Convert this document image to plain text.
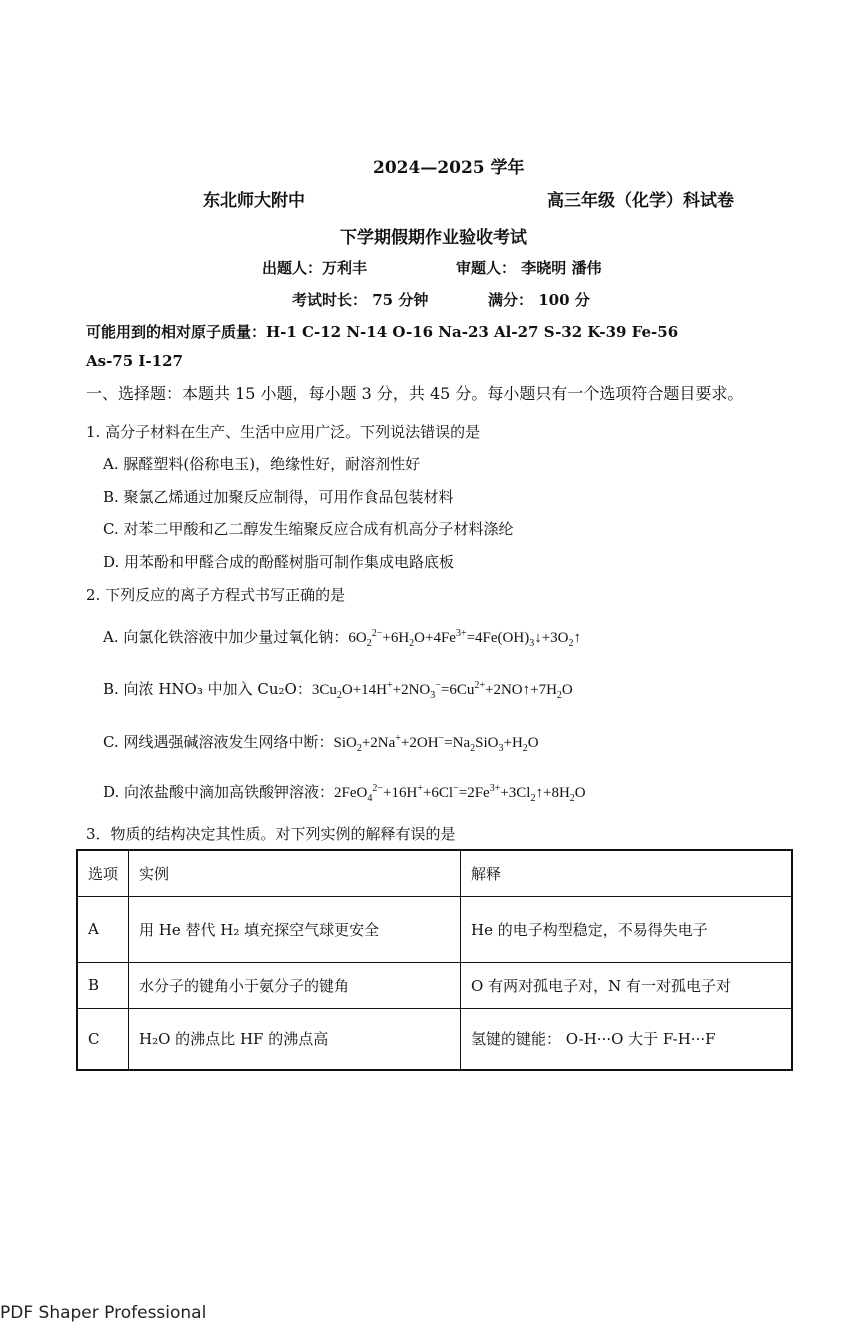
2024—2025 学年
东北师大附中	高三年级（化学）科试卷
下学期假期作业验收考试
出题人：万利丰	审题人： 李晓明 潘伟
考试时长： 75 分钟	满分： 100 分
可能用到的相对原子质量：H-1 C-12 N-14 O-16 Na-23 Al-27 S-32 K-39 Fe-56
As-75 I-127
一、选择题：本题共 15 小题，每小题 3 分，共 45 分。每小题只有一个选项符合题目要求。
1. 高分子材料在生产、生活中应用广泛。下列说法错误的是
A. 脲醛塑料(俗称电玉)，绝缘性好，耐溶剂性好
B. 聚氯乙烯通过加聚反应制得，可用作食品包装材料
C. 对苯二甲酸和乙二醇发生缩聚反应合成有机高分子材料涤纶
D. 用苯酚和甲醛合成的酚醛树脂可制作集成电路底板
2. 下列反应的离子方程式书写正确的是
A. 向氯化铁溶液中加少量过氧化钠：$6O_2^{2-}+6H_2O+4Fe^{3+}=4Fe(OH)_3↓+3O_2↑$
B. 向浓 HNO₃ 中加入 Cu₂O：$3Cu_2O+14H^++2NO_3^-=6Cu^{2+}+2NO↑+7H_2O$
C. 网线遇强碱溶液发生网络中断：$SiO_2+2Na^++2OH^-=Na_2SiO_3+H_2O$
D. 向浓盐酸中滴加高铁酸钾溶液：$2FeO_4^{2-}+16H^++6Cl^-=2Fe^{3+}+3Cl_2↑+8H_2O$
3．物质的结构决定其性质。对下列实例的解释有误的是
选项	实例	解释
A	用 He 替代 H₂ 填充探空气球更安全	He 的电子构型稳定，不易得失电子
B	水分子的键角小于氨分子的键角	O 有两对孤电子对，N 有一对孤电子对
C	H₂O 的沸点比 HF 的沸点高	氢键的键能： O-H···O 大于 F-H···F
PDF Shaper Professional
